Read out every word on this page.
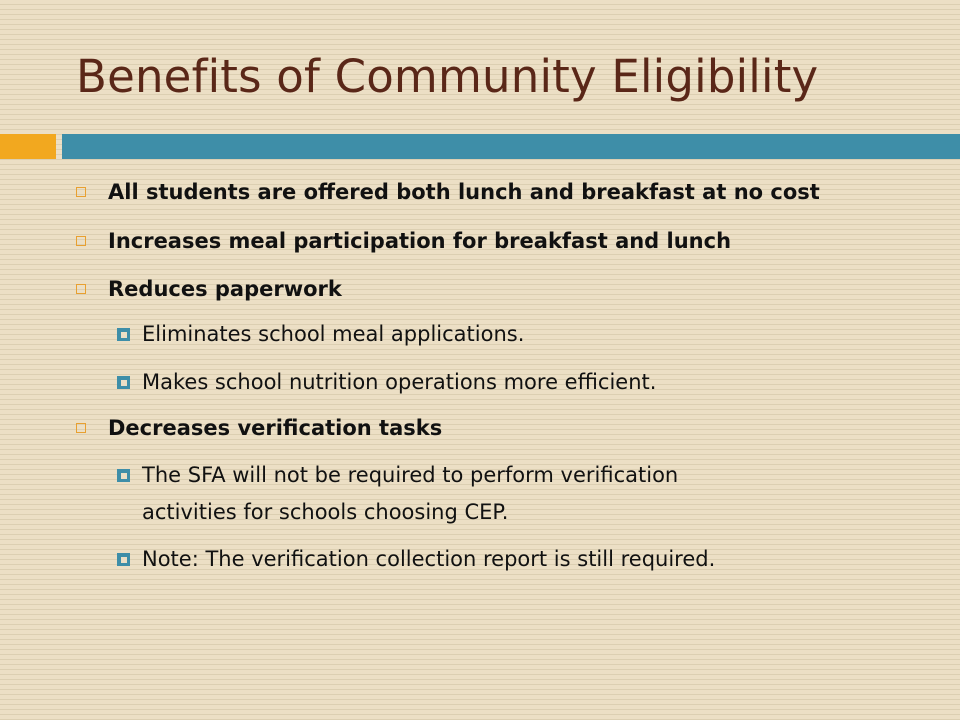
Benefits of Community Eligibility
All students are offered both lunch and breakfast at no cost
Increases meal participation for breakfast and lunch
Reduces paperwork
Eliminates school meal applications.
Makes school nutrition operations more efficient.
Decreases verification tasks
The SFA will not be required to perform verification
activities for schools choosing CEP.
Note: The verification collection report is still required.
